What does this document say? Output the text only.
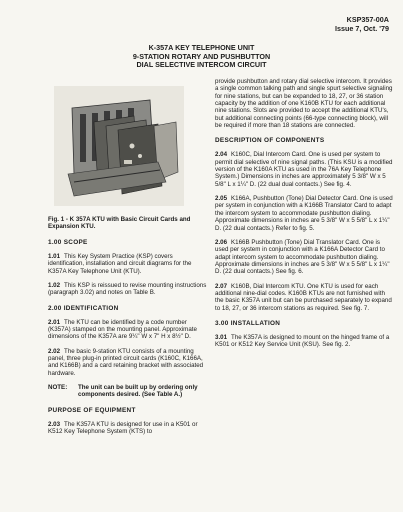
KSP357-00A
Issue 7, Oct. '79
K-357A KEY TELEPHONE UNIT
9-STATION ROTARY AND PUSHBUTTON
DIAL SELECTIVE INTERCOM CIRCUIT
Fig. 1 - K 357A KTU with Basic Circuit Cards and Expansion KTU.
1.00 SCOPE

1.01 This Key System Practice (KSP) covers identification, installation and circuit diagrams for the K357A Key Telephone Unit (KTU).

1.02 This KSP is reissued to revise mounting instructions (paragraph 3.02) and notes on Table B.

2.00 IDENTIFICATION

2.01 The KTU can be identified by a code number (K357A) stamped on the mounting panel. Approximate dimensions of the K357A are 9¼" W x 7" H x 8½" D.

2.02 The basic 9-station KTU consists of a mounting panel, three plug-in printed circuit cards (K160C, K166A, and K166B) and a card retaining bracket with associated hardware.

NOTE:	The unit can be built up by ordering only components desired. (See Table A.)
PURPOSE OF EQUIPMENT

2.03 The K357A KTU is designed for use in a K501 or K512 Key Telephone System (KTS) to

provide pushbutton and rotary dial selective intercom. It provides a single common talking path and single spurt selective signaling for nine stations, but can be expanded to 18, 27, or 36 station capacity by the addition of one K160B KTU for each additional nine stations. Slots are provided to accept the additional KTU's, but additional connecting points (66-type connecting block), will be required if more than 18 stations are connected.

DESCRIPTION OF COMPONENTS

2.04 K160C, Dial Intercom Card. One is used per system to permit dial selective of nine signal paths. (This KSU is a modified version of the K160A KTU as used in the 76A Key Telephone System.) Dimensions in inches are approximately 5 3/8" W x 5 5/8" L x 1¼" D. (22 dual dual contacts.) See fig. 4.

2.05 K166A, Pushbutton (Tone) Dial Detector Card. One is used per system in conjunction with a K166B Translator Card to adapt the intercom system to accommodate pushbutton dialing. Approximate dimensions in inches are 5 3/8" W x 5 5/8" L x 1¼" D. (22 dual contacts.) Refer to fig. 5.

2.06 K166B Pushbutton (Tone) Dial Translator Card. One is used per system in conjunction with a K166A Detector Card to adapt intercom system to accommodate pushbutton dialing. Approximate dimensions in inches are 5 3/8" W x 5 5/8" L x 1¼" D. (22 dual contacts.) See fig. 6.

2.07 K160B, Dial Intercom KTU. One KTU is used for each additional nine-dial codes. K160B KTUs are not furnished with the basic K357A unit but can be purchased separately to expand to 18, 27, or 36 intercom stations as required. See fig. 7.

3.00 INSTALLATION

3.01 The K357A is designed to mount on the hinged frame of a K501 or K512 Key Service Unit (KSU). See fig. 2.
